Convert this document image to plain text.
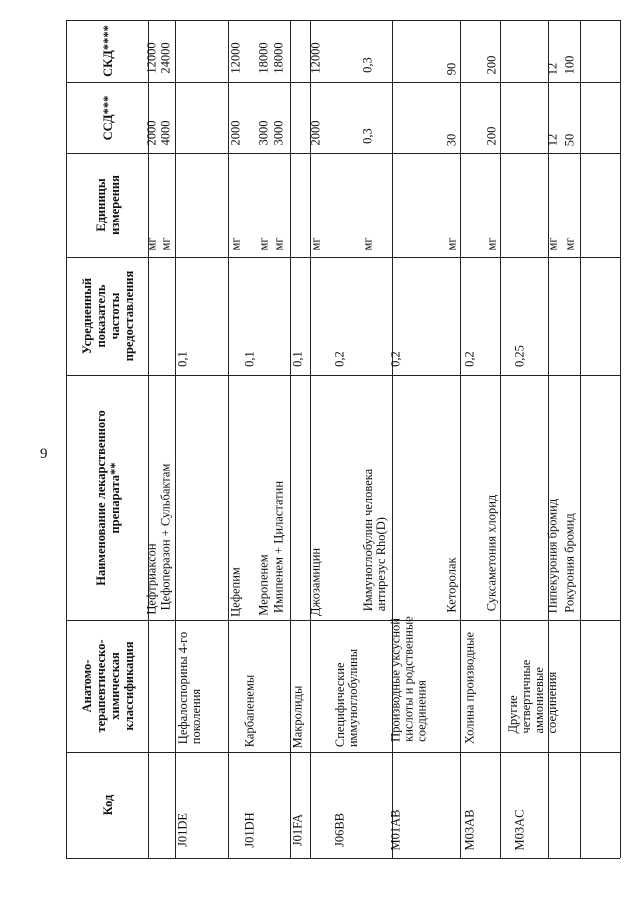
9
Код
Анатомо-
терапевтическо-
химическая
классификация
Наименование лекарственного
препарата**
Усредненный
показатель
частоты
предоставления
Единицы
измерения
ССД***
СКД****
Цефтриаксон
мг
2000
12000
Цефоперазон + Сульбактам
мг
4000
24000
J01DE
Цефалоспорины 4-го
поколения
0,1
Цефепим
мг
2000
12000
J01DH
Карбапенемы
0,1
Меропенем
мг
3000
18000
Имипенем + Циластатин
мг
3000
18000
J01FA
Макролиды
0,1
Джозамицин
мг
2000
12000
J06BB
Специфические
иммуноглобулины
0,2
Иммуноглобулин человека
антирезус Rho(D)
мг
0,3
0,3
M01AB
Производные уксусной
кислоты и родственные
соединения
0,2
Кеторолак
мг
30
90
M03AB
Холина производные
0,2
Суксаметония хлорид
мг
200
200
M03AC
Другие четвертичные
аммониевые
соединения
0,25
Пипекурония бромид
мг
12
12
Рокурония бромид
мг
50
100
